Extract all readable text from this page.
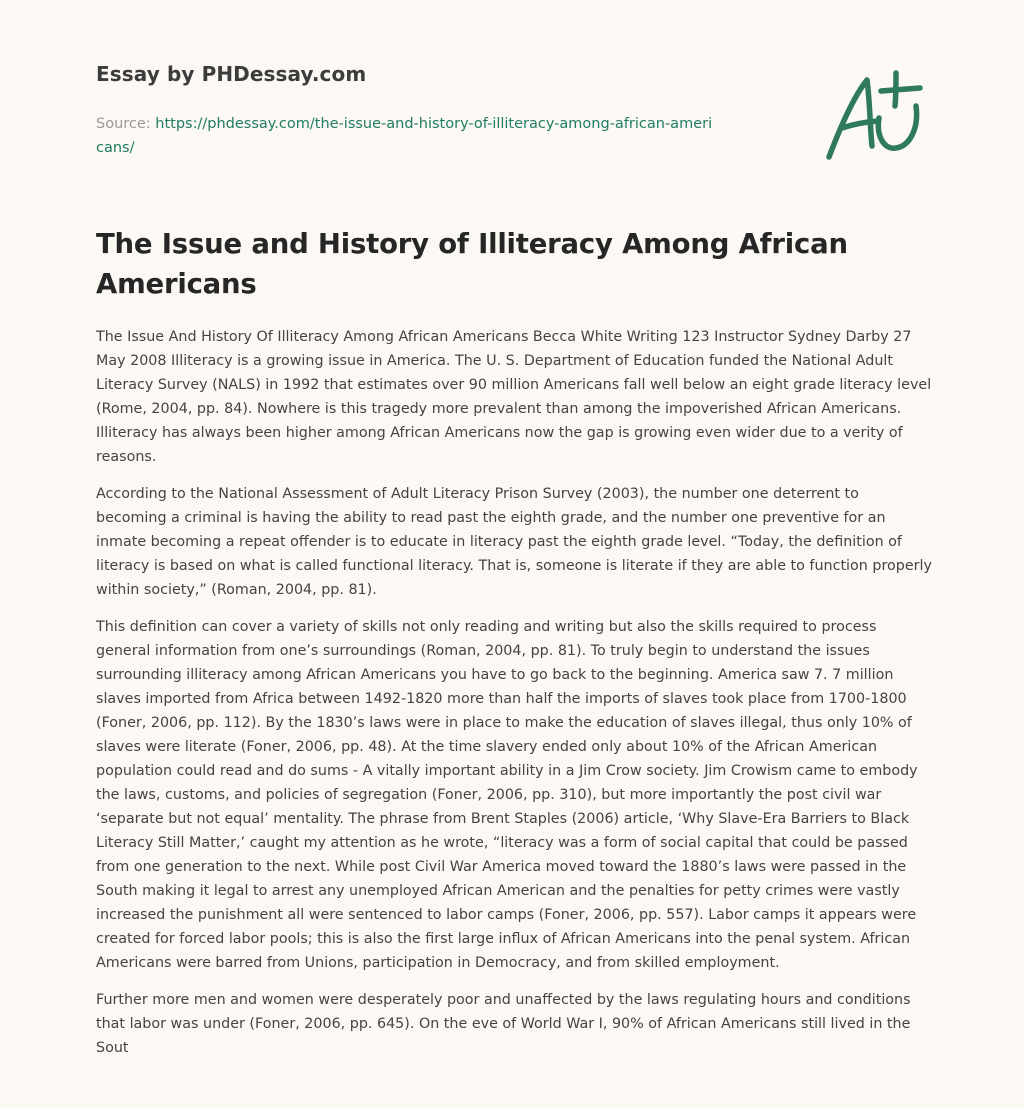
Essay by PHDessay.com
Source: https://phdessay.com/the-issue-and-history-of-illiteracy-among-african-americans/
The Issue and History of Illiteracy Among African Americans

The Issue And History Of Illiteracy Among African Americans Becca White Writing 123 Instructor Sydney Darby 27 May 2008 Illiteracy is a growing issue in America. The U. S. Department of Education funded the National Adult Literacy Survey (NALS) in 1992 that estimates over 90 million Americans fall well below an eight grade literacy level (Rome, 2004, pp. 84). Nowhere is this tragedy more prevalent than among the impoverished African Americans. Illiteracy has always been higher among African Americans now the gap is growing even wider due to a verity of reasons.

According to the National Assessment of Adult Literacy Prison Survey (2003), the number one deterrent to becoming a criminal is having the ability to read past the eighth grade, and the number one preventive for an inmate becoming a repeat offender is to educate in literacy past the eighth grade level. “Today, the definition of literacy is based on what is called functional literacy. That is, someone is literate if they are able to function properly within society,” (Roman, 2004, pp. 81).

This definition can cover a variety of skills not only reading and writing but also the skills required to process general information from one’s surroundings (Roman, 2004, pp. 81). To truly begin to understand the issues surrounding illiteracy among African Americans you have to go back to the beginning. America saw 7. 7 million slaves imported from Africa between 1492-1820 more than half the imports of slaves took place from 1700-1800 (Foner, 2006, pp. 112). By the 1830’s laws were in place to make the education of slaves illegal, thus only 10% of slaves were literate (Foner, 2006, pp. 48). At the time slavery ended only about 10% of the African American population could read and do sums - A vitally important ability in a Jim Crow society. Jim Crowism came to embody the laws, customs, and policies of segregation (Foner, 2006, pp. 310), but more importantly the post civil war ‘separate but not equal’ mentality. The phrase from Brent Staples (2006) article, ‘Why Slave-Era Barriers to Black Literacy Still Matter,’ caught my attention as he wrote, “literacy was a form of social capital that could be passed from one generation to the next. While post Civil War America moved toward the 1880’s laws were passed in the South making it legal to arrest any unemployed African American and the penalties for petty crimes were vastly increased the punishment all were sentenced to labor camps (Foner, 2006, pp. 557). Labor camps it appears were created for forced labor pools; this is also the first large influx of African Americans into the penal system. African Americans were barred from Unions, participation in Democracy, and from skilled employment.

Further more men and women were desperately poor and unaffected by the laws regulating hours and conditions that labor was under (Foner, 2006, pp. 645). On the eve of World War I, 90% of African Americans still lived in the Sout
